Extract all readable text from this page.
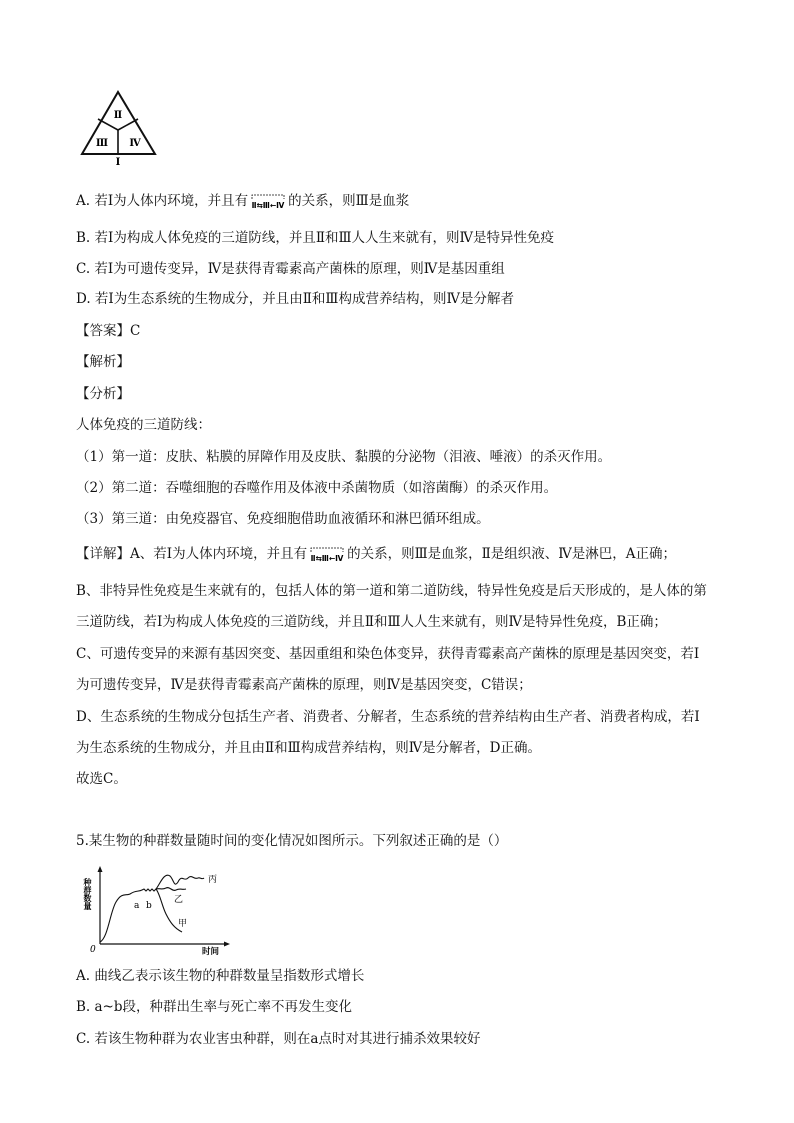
Ⅱ
Ⅲ Ⅳ
Ⅰ
A. 若Ⅰ为人体内环境，并且有 Ⅱ⇆Ⅲ←Ⅳ 的关系，则Ⅲ是血浆
B. 若Ⅰ为构成人体免疫的三道防线，并且Ⅱ和Ⅲ人人生来就有，则Ⅳ是特异性免疫
C. 若Ⅰ为可遗传变异，Ⅳ是获得青霉素高产菌株的原理，则Ⅳ是基因重组
D. 若Ⅰ为生态系统的生物成分，并且由Ⅱ和Ⅲ构成营养结构，则Ⅳ是分解者
【答案】C
【解析】
【分析】
人体免疫的三道防线：
（1）第一道：皮肤、粘膜的屏障作用及皮肤、黏膜的分泌物（泪液、唾液）的杀灭作用。
（2）第二道：吞噬细胞的吞噬作用及体液中杀菌物质（如溶菌酶）的杀灭作用。
（3）第三道：由免疫器官、免疫细胞借助血液循环和淋巴循环组成。
【详解】A、若Ⅰ为人体内环境，并且有 Ⅱ⇆Ⅲ←Ⅳ 的关系，则Ⅲ是血浆，Ⅱ是组织液、Ⅳ是淋巴，A正确；
B、非特异性免疫是生来就有的，包括人体的第一道和第二道防线，特异性免疫是后天形成的，是人体的第
三道防线，若Ⅰ为构成人体免疫的三道防线，并且Ⅱ和Ⅲ人人生来就有，则Ⅳ是特异性免疫，B正确；
C、可遗传变异的来源有基因突变、基因重组和染色体变异，获得青霉素高产菌株的原理是基因突变，若Ⅰ
为可遗传变异，Ⅳ是获得青霉素高产菌株的原理，则Ⅳ是基因突变，C错误；
D、生态系统的生物成分包括生产者、消费者、分解者，生态系统的营养结构由生产者、消费者构成，若Ⅰ
为生态系统的生物成分，并且由Ⅱ和Ⅲ构成营养结构，则Ⅳ是分解者，D正确。
故选C。
5.某生物的种群数量随时间的变化情况如图所示。下列叙述正确的是（）
种群数量
0	时间
a b
丙
乙
甲
A. 曲线乙表示该生物的种群数量呈指数形式增长
B. a~b段，种群出生率与死亡率不再发生变化
C. 若该生物种群为农业害虫种群，则在a点时对其进行捕杀效果较好
